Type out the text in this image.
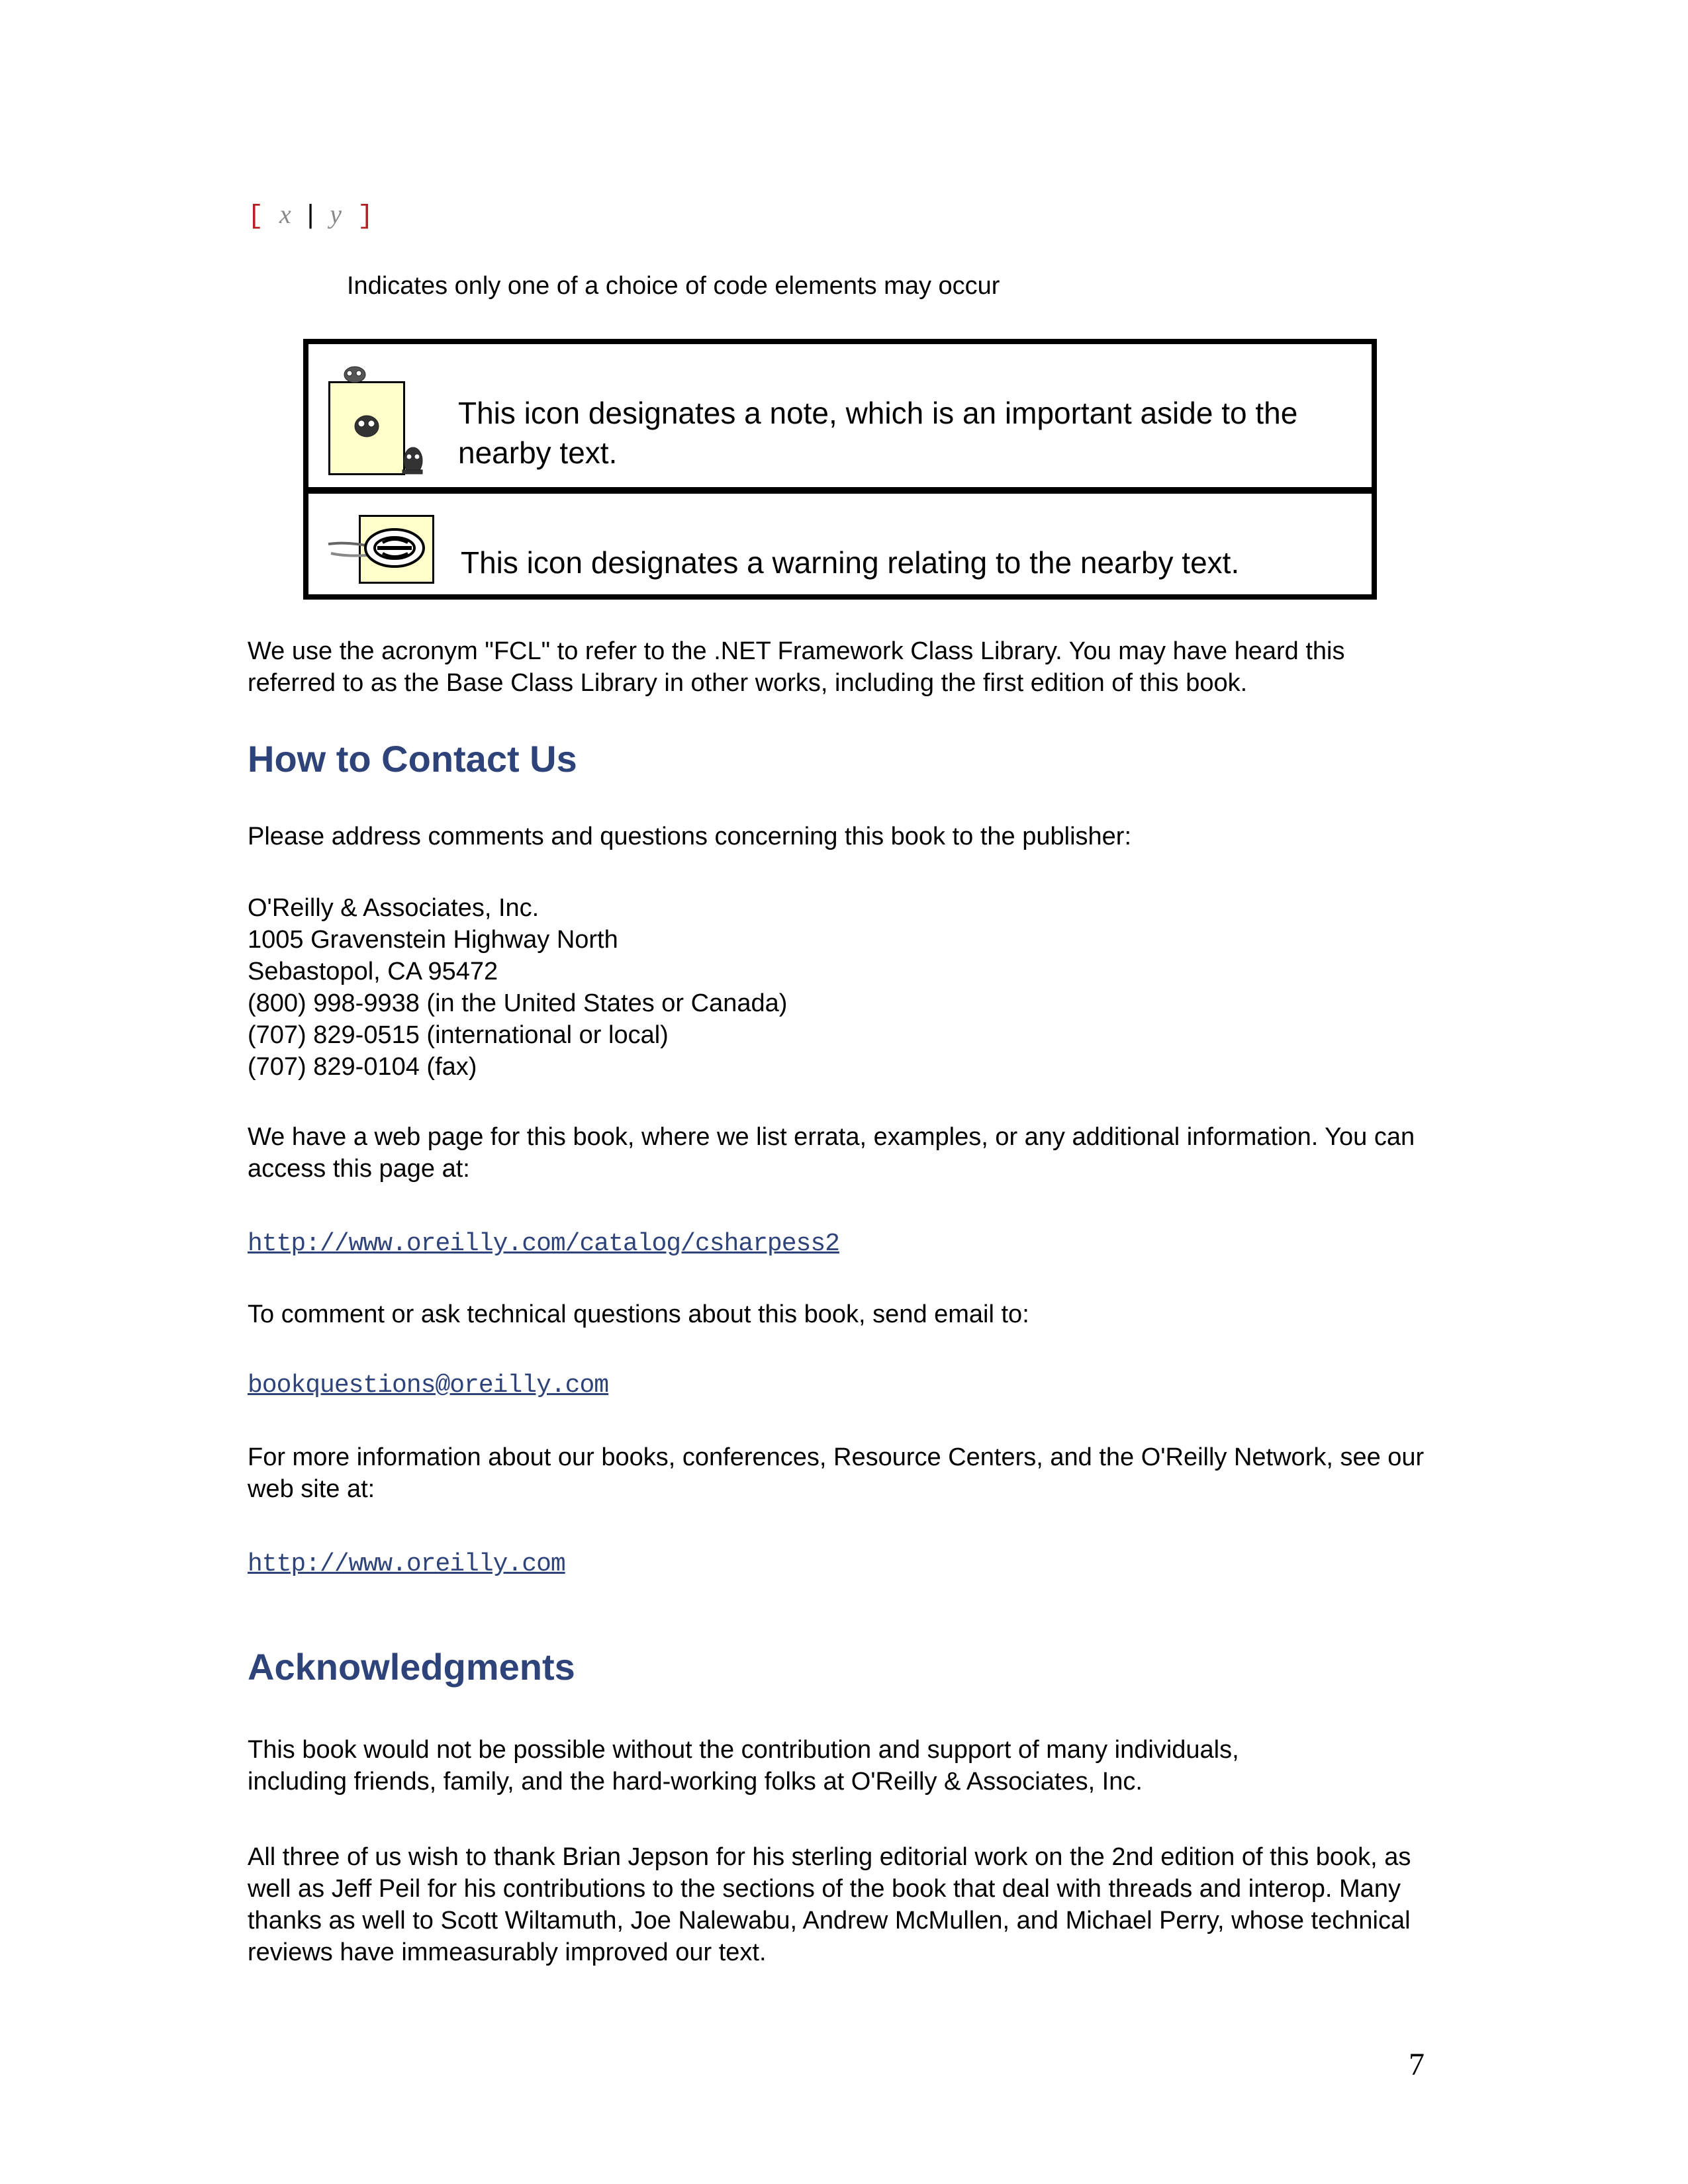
[ x | y ]

Indicates only one of a choice of code elements may occur

This icon designates a note, which is an important aside to the nearby text.

This icon designates a warning relating to the nearby text.

We use the acronym "FCL" to refer to the .NET Framework Class Library. You may have heard this referred to as the Base Class Library in other works, including the first edition of this book.

How to Contact Us

Please address comments and questions concerning this book to the publisher:

O'Reilly & Associates, Inc.
1005 Gravenstein Highway North
Sebastopol, CA 95472
(800) 998-9938 (in the United States or Canada)
(707) 829-0515 (international or local)
(707) 829-0104 (fax)

We have a web page for this book, where we list errata, examples, or any additional information. You can access this page at:

http://www.oreilly.com/catalog/csharpess2

To comment or ask technical questions about this book, send email to:

bookquestions@oreilly.com

For more information about our books, conferences, Resource Centers, and the O'Reilly Network, see our web site at:

http://www.oreilly.com
Acknowledgments

This book would not be possible without the contribution and support of many individuals, including friends, family, and the hard-working folks at O'Reilly & Associates, Inc.

All three of us wish to thank Brian Jepson for his sterling editorial work on the 2nd edition of this book, as well as Jeff Peil for his contributions to the sections of the book that deal with threads and interop. Many thanks as well to Scott Wiltamuth, Joe Nalewabu, Andrew McMullen, and Michael Perry, whose technical reviews have immeasurably improved our text.

7
